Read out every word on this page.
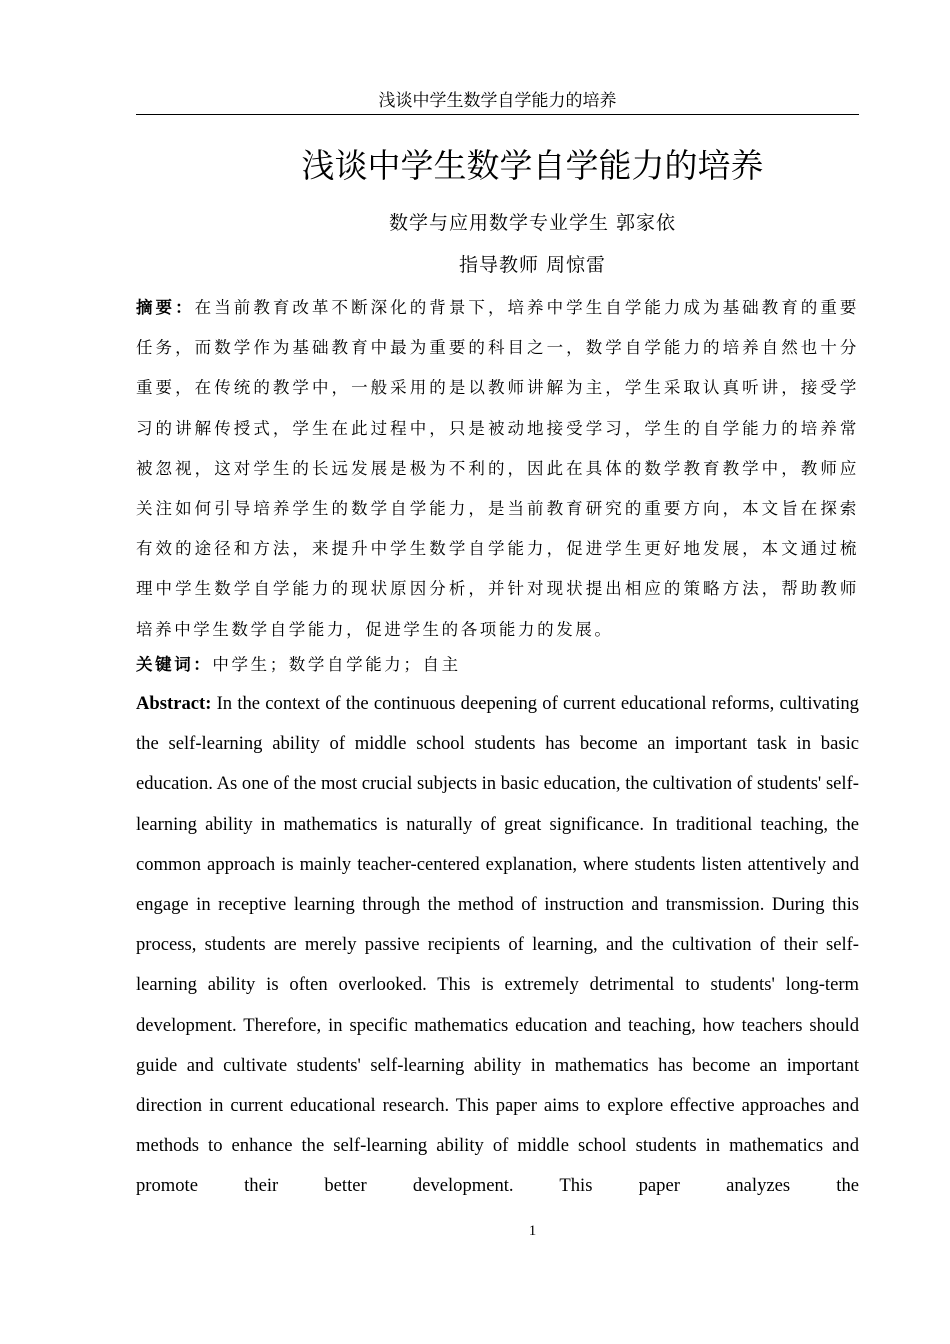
浅谈中学生数学自学能力的培养
浅谈中学生数学自学能力的培养
数学与应用数学专业学生 郭家依
指导教师 周惊雷
摘要：在当前教育改革不断深化的背景下，培养中学生自学能力成为基础教育的重要任务，而数学作为基础教育中最为重要的科目之一，数学自学能力的培养自然也十分重要，在传统的教学中，一般采用的是以教师讲解为主，学生采取认真听讲，接受学习的讲解传授式，学生在此过程中，只是被动地接受学习，学生的自学能力的培养常被忽视，这对学生的长远发展是极为不利的，因此在具体的数学教育教学中，教师应关注如何引导培养学生的数学自学能力，是当前教育研究的重要方向，本文旨在探索有效的途径和方法，来提升中学生数学自学能力，促进学生更好地发展，本文通过梳理中学生数学自学能力的现状原因分析，并针对现状提出相应的策略方法，帮助教师培养中学生数学自学能力，促进学生的各项能力的发展。
关键词：中学生；数学自学能力；自主
Abstract: In the context of the continuous deepening of current educational reforms, cultivating the self-learning ability of middle school students has become an important task in basic education. As one of the most crucial subjects in basic education, the cultivation of students' self-learning ability in mathematics is naturally of great significance. In traditional teaching, the common approach is mainly teacher-centered explanation, where students listen attentively and engage in receptive learning through the method of instruction and transmission. During this process, students are merely passive recipients of learning, and the cultivation of their self-learning ability is often overlooked. This is extremely detrimental to students' long-term development. Therefore, in specific mathematics education and teaching, how teachers should guide and cultivate students' self-learning ability in mathematics has become an important direction in current educational research. This paper aims to explore effective approaches and methods to enhance the self-learning ability of middle school students in mathematics and promote their better development. This paper analyzes the
1
